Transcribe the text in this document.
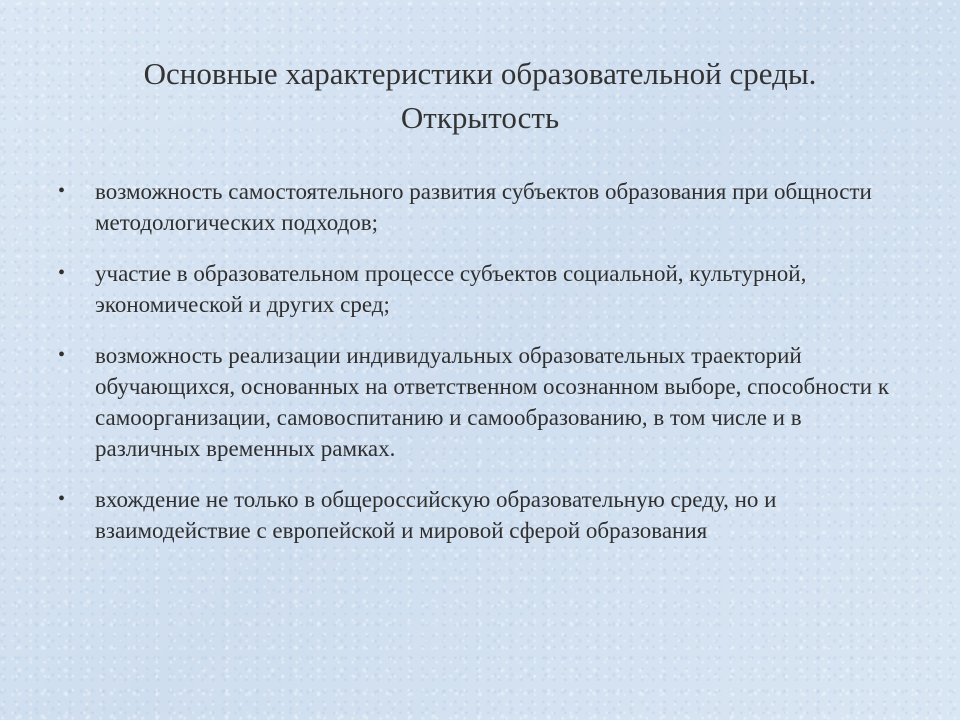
Основные характеристики образовательной среды.
Открытость
• возможность самостоятельного развития субъектов образования при общности методологических подходов;
• участие в образовательном процессе субъектов социальной, культурной, экономической и других сред;
• возможность реализации индивидуальных образовательных траекторий обучающихся, основанных на ответственном осознанном выборе, способности к самоорганизации, самовоспитанию и самообразованию, в том числе и в различных временных рамках.
• вхождение не только в общероссийскую образовательную среду, но и взаимодействие с европейской и мировой сферой образования
